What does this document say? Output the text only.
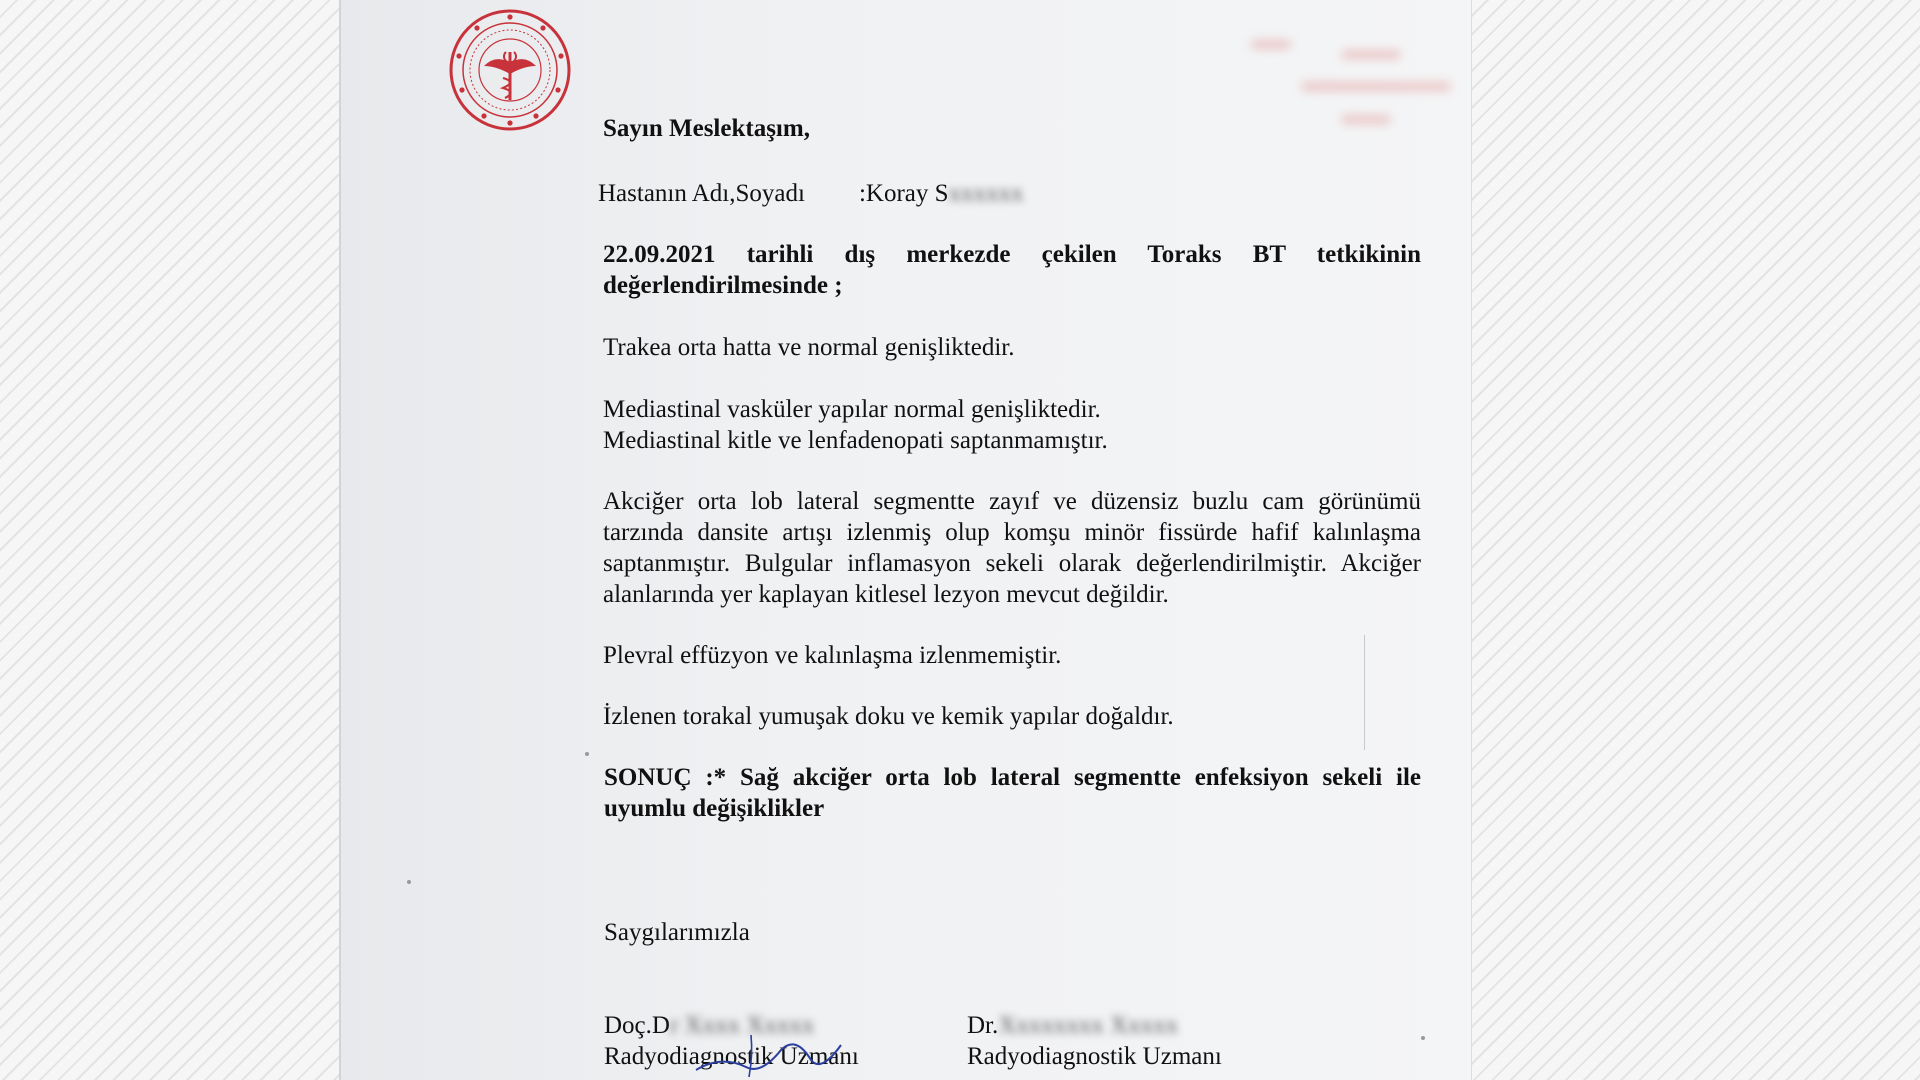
Sayın Meslektaşım,

Hastanın Adı,Soyadı :Koray Sxxxxxx

22.09.2021 tarihli dış merkezde çekilen Toraks BT tetkikinin değerlendirilmesinde ;

Trakea orta hatta ve normal genişliktedir.

Mediastinal vasküler yapılar normal genişliktedir.

Mediastinal kitle ve lenfadenopati saptanmamıştır.

Akciğer orta lob lateral segmentte zayıf ve düzensiz buzlu cam görünümü tarzında dansite artışı izlenmiş olup komşu minör fissürde hafif kalınlaşma saptanmıştır. Bulgular inflamasyon sekeli olarak değerlendirilmiştir. Akciğer alanlarında yer kaplayan kitlesel lezyon mevcut değildir.

Plevral effüzyon ve kalınlaşma izlenmemiştir.

İzlenen torakal yumuşak doku ve kemik yapılar doğaldır.

SONUÇ :* Sağ akciğer orta lob lateral segmentte enfeksiyon sekeli ile uyumlu değişiklikler

Saygılarımızla

Doç.Dr Xxxx Xxxxx

Radyodiagnostik Uzmanı

Dr.Xxxxxxxx Xxxxx

Radyodiagnostik Uzmanı
